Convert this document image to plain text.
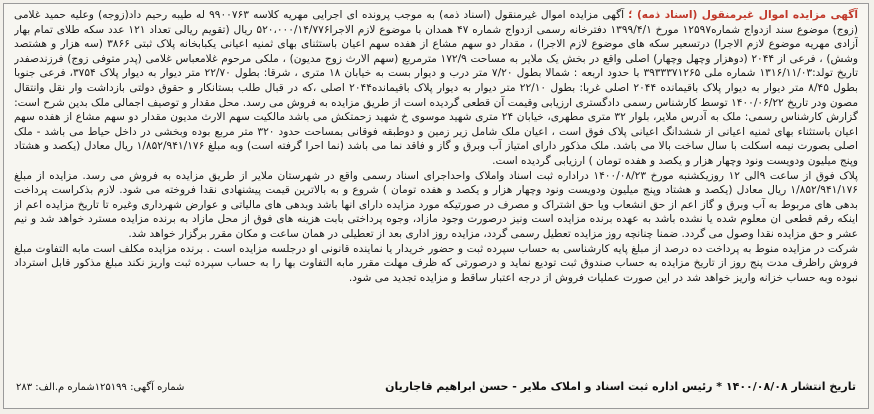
آگهی مزایده اموال غیرمنقول (اسناد ذمه) ؛ آگهی مزایده اموال غیرمنقول (اسناد ذمه) به موجب پرونده ای اجرایی مهریه کلاسه ۹۹۰۰۷۶۳ له طیبه رحیم داد(زوجه) وعلیه حمید غلامی (زوج) موضوع سند ازدواج شماره۱۲۵۹۷ مورخ ۱۳۹۹/۴/۱ دفترخانه رسمی ازدواج شماره ۴۷ همدان با موضوع لازم الاجرا۵۲۰،۰۰۰/۱۴/۷۷۶ ریال (تقویم ریالی تعداد ۱۲۱ عدد سکه طلای تمام بهار آزادی مهریه موضوع لازم الاجرا) درتسعیر سکه های موضوع لازم الاجرا) ، مقدار دو سهم مشاع از هفده سهم اعیان باستثنای بهای ثمنیه اعیانی یکبابخانه پلاک ثبتی ۳۸۶۶ (سه هزار و هشتصد وشش) ، فرعی از ۲۰۴۴ (دوهزار وچهل وچهار) اصلی واقع در بخش یک ملایر به مساحت ۱۷۲/۹ مترمربع (سهم الارث زوج مدیون) ، ملکی مرحوم غلامعباس غلامی (پدر متوفی زوج) فرزندصفدر تاریخ تولد:۱۳۱۶/۱۱/۰۳ شماره ملی ۳۹۳۳۳۷۱۲۶۵ با حدود اربعه : شمالا بطول ۷/۲۰ متر درب و دیوار بست به خیابان ۱۸ متری ، شرقا: بطول ۲۲/۷۰ متر دیوار به دیوار پلاک ۳۷۵۴، فرعی جنوبا بطول ۸/۴۵ متر دیوار به دیوار پلاک باقیمانده ۲۰۴۴ اصلی غربا: بطول ۲۲/۱۰ متر دیوار به دیوار پلاک باقیمانده۲۰۴۴ اصلی ،که در قبال طلب بستانکار و حقوق دولتی بازداشت وار نقل وانتقال مصون ودر تاریخ ۱۴۰۰/۰۶/۲۲ توسط کارشناس رسمی دادگستری ارزیابی وقیمت آن قطعی گردیده است از طریق مزایده به فروش می رسد. محل مقدار و توصیف اجمالی ملک بدین شرح است:

گزارش کارشناس رسمی: ملک به آدرس ملایر، بلوار ۳۲ متری مطهری، خیابان ۲۴ متری شهید موسوی خ شهید زحمتکش می باشد مالکیت سهم الارث مدیون مقدار دو سهم مشاع از هفده سهم اعیان باستثناء بهای ثمنیه اعیانی از ششدانگ اعیانی پلاک فوق است ، اعیان ملک شامل زیر زمین و دوطبقه فوقانی بمساحت حدود ۳۲۰ متر مربع بوده وبخشی در داخل حیاط می باشد - ملک اصلی بصورت نیمه اسکلت با سال ساخت بالا می باشد. ملک مذکور دارای امتیاز آب وبرق و گاز و فاقد نما می باشد (نما احرا گرفته است) وبه مبلغ ۱/۸۵۲/۹۴۱/۱۷۶ ریال معادل (یکصد و هشتاد وپنج میلیون ودویست ونود وچهار هزار و یکصد و هفده تومان ) ارزیابی گردیده است.

پلاک فوق از ساعت ۹الی ۱۲ روزیکشنبه مورخ ۱۴۰۰/۰۸/۲۳ دراداره ثبت اسناد واملاک واحداجرای اسناد رسمی واقع در شهرستان ملایر از طریق مزایده به فروش می رسد. مزایده از مبلغ ۱/۸۵۲/۹۴۱/۱۷۶ ریال معادل (یکصد و هشتاد وپنج میلیون ودویست ونود وچهار هزار و یکصد و هفده تومان ) شروع و به بالاترین قیمت پیشنهادی نقدا فروخته می شود. لازم بذکراست پرداخت بدهی های مربوط به آب وبرق و گاز اعم از حق انشعاب ویا حق اشتراک و مصرف در صورتیکه مورد مزایده دارای انها باشد وبدهی های مالیاتی و عوارض شهرداری وغیره تا تاریخ مزایده اعم از اینکه رقم قطعی ان معلوم شده یا نشده باشد به عهده برنده مزایده است ونیز درصورت وجود مازاد، وجوه پرداختی بابت هزینه های فوق از محل مازاد به برنده مزایده مسترد خواهد شد و نیم عشر و حق مزایده نقدا وصول می گردد. ضمنا چنانچه روز مزایده تعطیل رسمی گردد، مزایده روز اداری بعد از تعطیلی در همان ساعت و مکان مقرر برگزار خواهد شد.

شرکت در مزایده منوط به پرداخت ده درصد از مبلغ پایه کارشناسی به حساب سپرده ثبت و حضور خریدار یا نماینده قانونی او درجلسه مزایده است . برنده مزایده مکلف است مابه التفاوت مبلغ فروش راظرف مدت پنج روز از تاریخ مزایده به حساب صندوق ثبت تودیع نماید و درصورتی که ظرف مهلت مقرر مابه التفاوت بها را به حساب سپرده ثبت واریز نکند مبلغ مذکور قابل استرداد نبوده وبه حساب خزانه واریز خواهد شد در این صورت عملیات فروش از درجه اعتبار ساقط و مزایده تجدید می شود.

تاریخ انتشار ۱۴۰۰/۰۸/۰۸ * رئیس اداره ثبت اسناد و املاک ملایر - حسن ابراهیم قاجاریان
شماره آگهی: ۱۲۵۱۹۹شماره م.الف: ۲۸۳
